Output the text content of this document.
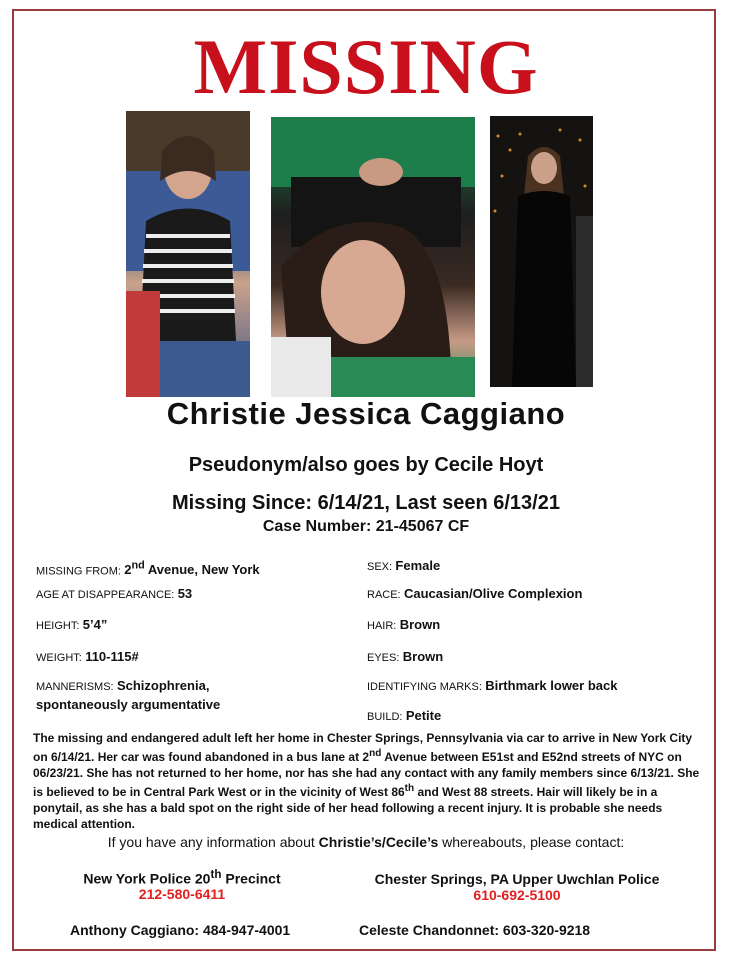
MISSING
Christie Jessica Caggiano
Pseudonym/also goes by Cecile Hoyt
Missing Since: 6/14/21, Last seen 6/13/21
Case Number: 21-45067 CF
MISSING FROM: 2nd Avenue, New York
AGE AT DISAPPEARANCE: 53
HEIGHT: 5’4”
WEIGHT: 110-115#
MANNERISMS: Schizophrenia,
spontaneously argumentative
SEX: Female
RACE: Caucasian/Olive Complexion
HAIR: Brown
EYES: Brown
IDENTIFYING MARKS: Birthmark lower back
BUILD: Petite
The missing and endangered adult left her home in Chester Springs, Pennsylvania via car to arrive in New York City on 6/14/21. Her car was found abandoned in a bus lane at 2nd Avenue between E51st and E52nd streets of NYC on 06/23/21. She has not returned to her home, nor has she had any contact with any family members since 6/13/21. She is believed to be in Central Park West or in the vicinity of West 86th and West 88 streets. Hair will likely be in a ponytail, as she has a bald spot on the right side of her head following a recent injury. It is probable she needs medical attention.
If you have any information about Christie’s/Cecile’s whereabouts, please contact:
New York Police 20th Precinct
212-580-6411
Chester Springs, PA Upper Uwchlan Police
610-692-5100
Anthony Caggiano: 484-947-4001	Celeste Chandonnet: 603-320-9218
